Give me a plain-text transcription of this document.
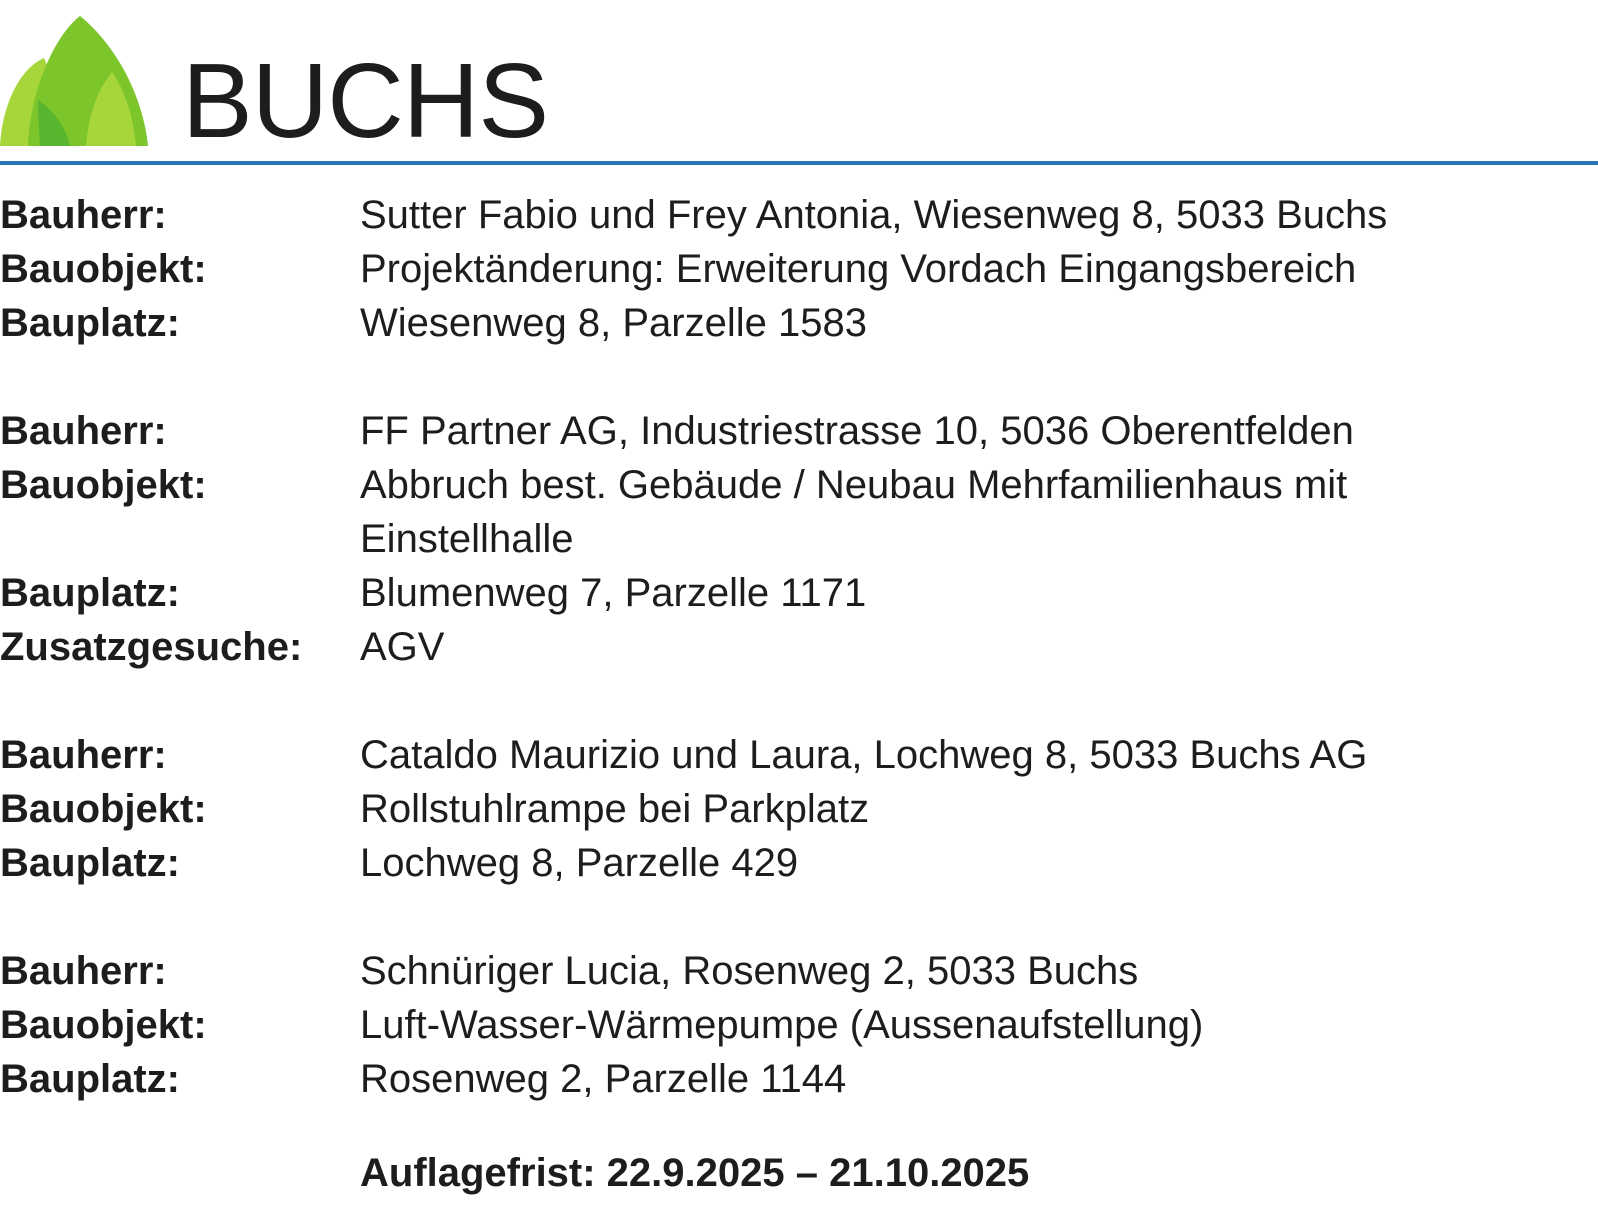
BUCHS
Bauherr:	Sutter Fabio und Frey Antonia, Wiesenweg 8, 5033 Buchs
Bauobjekt:	Projektänderung: Erweiterung Vordach Eingangsbereich
Bauplatz:	Wiesenweg 8, Parzelle 1583
Bauherr:	FF Partner AG, Industriestrasse 10, 5036 Oberentfelden
Bauobjekt:	Abbruch best. Gebäude / Neubau Mehrfamilienhaus mit Einstellhalle
Bauplatz:	Blumenweg 7, Parzelle 1171
Zusatzgesuche:	AGV
Bauherr:	Cataldo Maurizio und Laura, Lochweg 8, 5033 Buchs AG
Bauobjekt:	Rollstuhlrampe bei Parkplatz
Bauplatz:	Lochweg 8, Parzelle 429
Bauherr:	Schnüriger Lucia, Rosenweg 2, 5033 Buchs
Bauobjekt:	Luft-Wasser-Wärmepumpe (Aussenaufstellung)
Bauplatz:	Rosenweg 2, Parzelle 1144
Auflagefrist: 22.9.2025 – 21.10.2025
